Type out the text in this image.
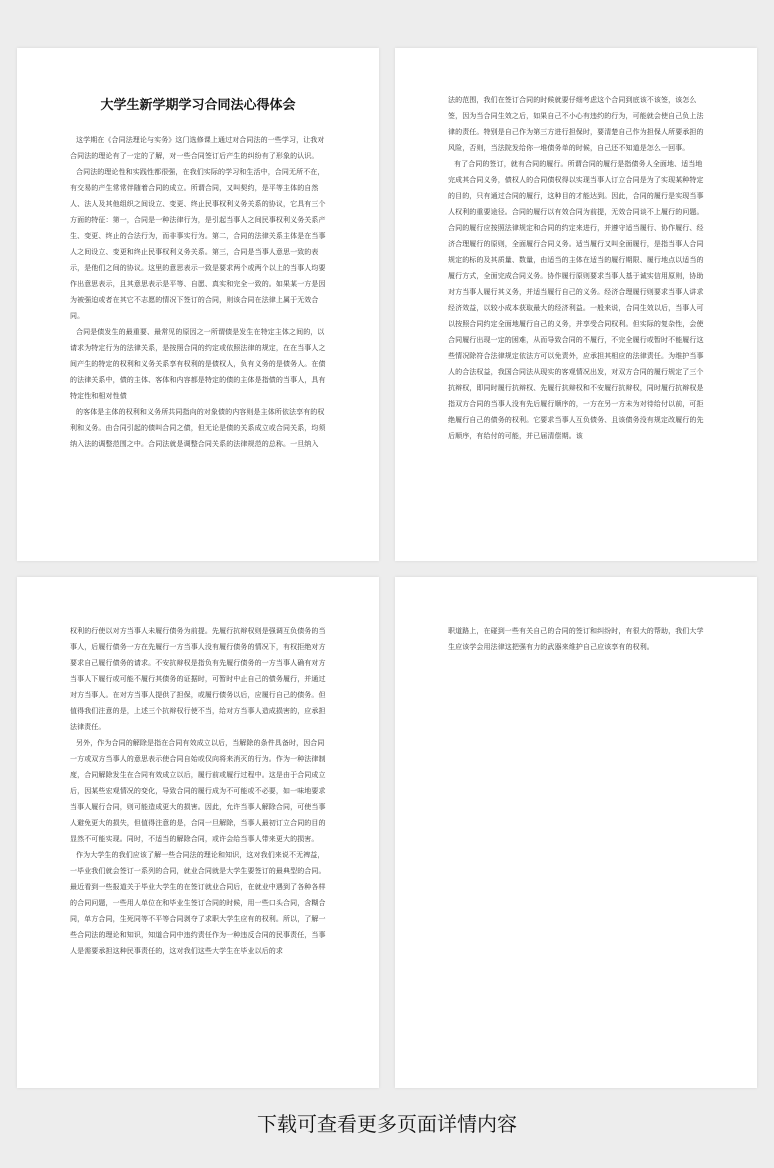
大学生新学期学习合同法心得体会

这学期在《合同法理论与实务》这门选修课上通过对合同法的一些学习，让我对合同法的理论有了一定的了解，对一些合同签订后产生的纠纷有了形象的认识。

合同法的理论性和实践性都很强，在我们实际的学习和生活中，合同无所不在，有交易的产生常常伴随着合同的成立。所谓合同，又叫契约，是平等主体的自然人、法人及其他组织之间设立、变更、终止民事权利义务关系的协议，它具有三个方面的特征：第一，合同是一种法律行为，是引起当事人之间民事权利义务关系产生、变更、终止的合法行为，而非事实行为。第二，合同的法律关系主体是在当事人之间设立、变更和终止民事权利义务关系。第三，合同是当事人意思一致的表示，是他们之间的协议。这里的意思表示一致是要求两个或两个以上的当事人均要作出意思表示，且其意思表示是平等、自愿、真实和完全一致的。如果某一方是因为被强迫或者在其它不志愿的情况下签订的合同，则该合同在法律上属于无效合同。

合同是债发生的最重要、最常见的原因之一所谓债是发生在特定主体之间的，以请求为特定行为的法律关系，是按照合同的约定或依照法律的规定，在在当事人之间产生的特定的权利和义务关系享有权利的是债权人，负有义务的是债务人。在债的法律关系中，债的主体、客体和内容都是特定的债的主体是指债的当事人，具有特定性和相对性债

的客体是主体的权利和义务所共同指向的对象债的内容则是主体所依法享有的权利和义务。由合同引起的债叫合同之债，但无论是债的关系成立或合同关系，均须纳入法的调整范围之中。合同法就是调整合同关系的法律规范的总称。一旦纳入

法的范围，我们在签订合同的时候就要仔细考虑这个合同到底该不该签，该怎么签，因为当合同生效之后，如果自己不小心有违约的行为，可能就会使自己负上法律的责任。特别是自己作为第三方进行担保时，要清楚自己作为担保人所要承担的风险，否则，当法院发给你一堆债务单的时候，自己还不知道是怎么一回事。

有了合同的签订，就有合同的履行。所谓合同的履行是指债务人全面地、适当地完成其合同义务，债权人的合同债权得以实现当事人订立合同是为了实现某种特定的目的，只有通过合同的履行，这种目的才能达到。因此，合同的履行是实现当事人权利的重要途径。合同的履行以有效合同为前提，无效合同谈不上履行的问题。合同的履行应按照法律规定和合同的约定来进行，并遵守适当履行、协作履行、经济合理履行的原则，全面履行合同义务。适当履行又叫全面履行，是指当事人合同规定的标的及其质量、数量，由适当的主体在适当的履行期限、履行地点以适当的履行方式，全面完成合同义务。协作履行原则要求当事人基于诚实信用原则，协助对方当事人履行其义务，并适当履行自己的义务。经济合理履行则要求当事人讲求经济效益，以较小成本获取最大的经济利益。一般来说，合同生效以后，当事人可以按照合同约定全面地履行自己的义务，并享受合同权利。但实际的复杂性，会使合同履行出现一定的困难，从而导致合同的不履行，不完全履行或暂时不能履行这些情况除符合法律规定依法方可以免责外，应承担其相应的法律责任。为维护当事人的合法权益，我国合同法从现实的客观情况出发，对双方合同的履行规定了三个抗辩权，即同时履行抗辩权、先履行抗辩权和不安履行抗辩权，同时履行抗辩权是指双方合同的当事人没有先后履行顺序的，一方在另一方未为对待给付以前，可拒绝履行自己的债务的权利。它要求当事人互负债务、且该债务没有规定改履行的先后顺序，有给付的可能，并已届清偿期。该

权利的行使以对方当事人未履行债务为前提。先履行抗辩权则是强调互负债务的当事人，后履行债务一方在先履行一方当事人没有履行债务的情况下，有权拒绝对方要求自己履行债务的请求。不安抗辩权是指负有先履行债务的一方当事人确有对方当事人下履行或可能不履行其债务的证据时，可暂时中止自己的债务履行，并通过对方当事人。在对方当事人提供了担保，或履行债务以后，应履行自己的债务。但值得我们注意的是，上述三个抗辩权行使不当，给对方当事人造成损害的，应承担法律责任。

另外，作为合同的解除是指在合同有效成立以后，当解除的条件具备时，因合同一方或双方当事人的意思表示使合同自始或仅向将来消灭的行为。作为一种法律制度，合同解除发生在合同有效成立以后，履行前或履行过程中。这是由于合同成立后，因某些宏观情况的变化，导致合同的履行成为不可能或不必要，如一味地要求当事人履行合同，则可能造成更大的损害。因此，允许当事人解除合同，可使当事人避免更大的损失，但值得注意的是，合同一旦解除，当事人最初订立合同的目的显然不可能实现。同时，不适当的解除合同，或许会给当事人带来更大的损害。

作为大学生的我们应该了解一些合同法的理论和知识，这对我们来说不无裨益，一毕业我们就会签订一系列的合同，就业合同就是大学生要签订的最典型的合同。最近看到一些报道关于毕业大学生的在签订就业合同后，在就业中遇到了各种各样的合同问题，一些用人单位在和毕业生签订合同的时候，用一些口头合同，含糊合同，单方合同，生死同等不平等合同剥夺了求职大学生应有的权利。所以，了解一些合同法的理论和知识，知道合同中违约责任作为一种违反合同的民事责任，当事人是需要承担这种民事责任的，这对我们这些大学生在毕业以后的求

职道路上，在碰到一些有关自己的合同的签订和纠纷时，有很大的帮助，我们大学生应该学会用法律这把强有力的武器来维护自己应该享有的权利。

下载可查看更多页面详情内容
